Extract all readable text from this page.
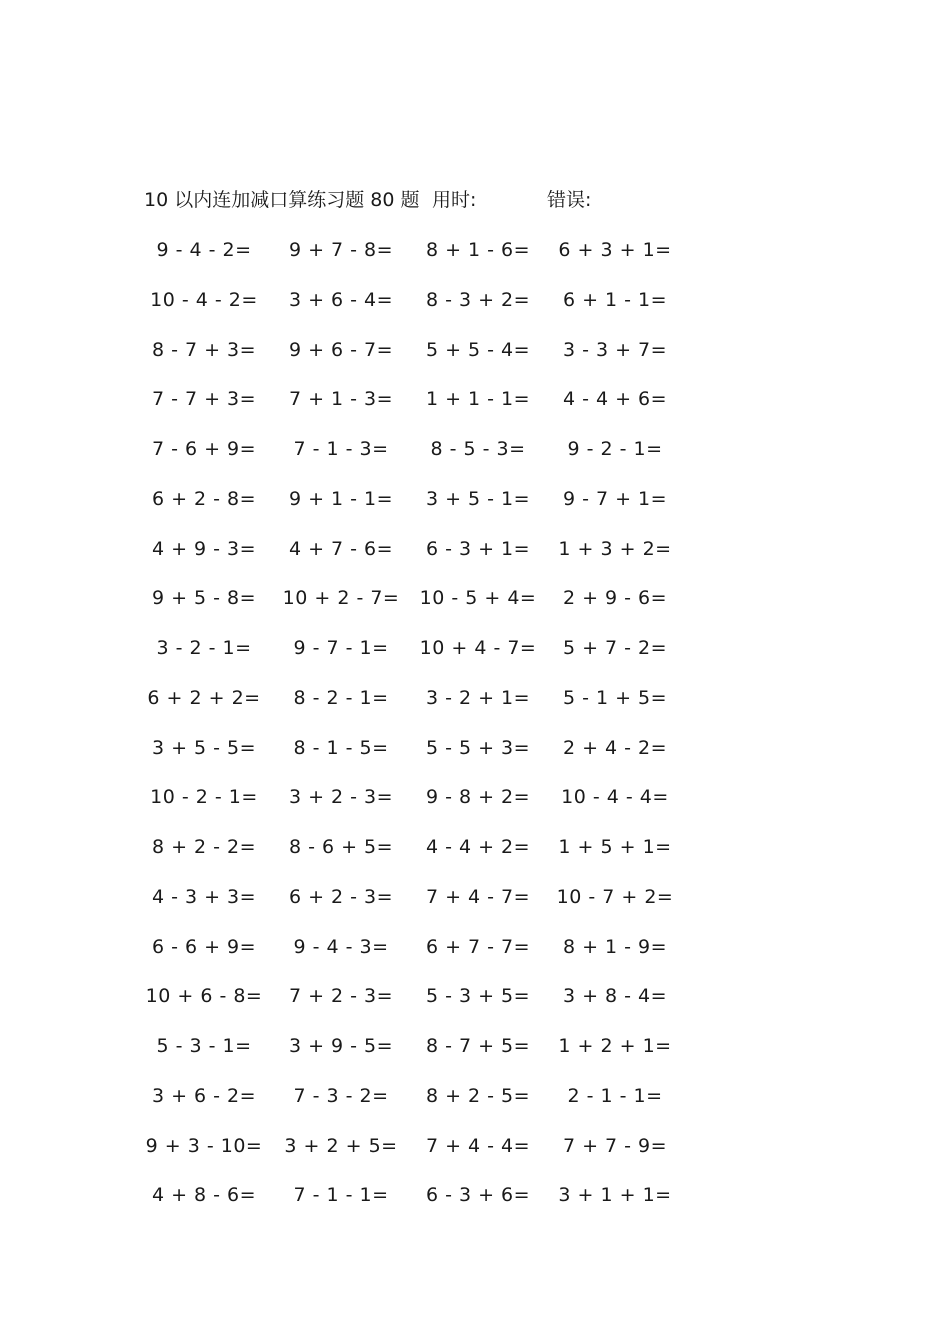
10 以内连加减口算练习题 80 题 用时:	错误:
9 - 4 - 2=	9 + 7 - 8=	8 + 1 - 6=	6 + 3 + 1=
10 - 4 - 2=	3 + 6 - 4=	8 - 3 + 2=	6 + 1 - 1=
8 - 7 + 3=	9 + 6 - 7=	5 + 5 - 4=	3 - 3 + 7=
7 - 7 + 3=	7 + 1 - 3=	1 + 1 - 1=	4 - 4 + 6=
7 - 6 + 9=	7 - 1 - 3=	8 - 5 - 3=	9 - 2 - 1=
6 + 2 - 8=	9 + 1 - 1=	3 + 5 - 1=	9 - 7 + 1=
4 + 9 - 3=	4 + 7 - 6=	6 - 3 + 1=	1 + 3 + 2=
9 + 5 - 8=	10 + 2 - 7=	10 - 5 + 4=	2 + 9 - 6=
3 - 2 - 1=	9 - 7 - 1=	10 + 4 - 7=	5 + 7 - 2=
6 + 2 + 2=	8 - 2 - 1=	3 - 2 + 1=	5 - 1 + 5=
3 + 5 - 5=	8 - 1 - 5=	5 - 5 + 3=	2 + 4 - 2=
10 - 2 - 1=	3 + 2 - 3=	9 - 8 + 2=	10 - 4 - 4=
8 + 2 - 2=	8 - 6 + 5=	4 - 4 + 2=	1 + 5 + 1=
4 - 3 + 3=	6 + 2 - 3=	7 + 4 - 7=	10 - 7 + 2=
6 - 6 + 9=	9 - 4 - 3=	6 + 7 - 7=	8 + 1 - 9=
10 + 6 - 8=	7 + 2 - 3=	5 - 3 + 5=	3 + 8 - 4=
5 - 3 - 1=	3 + 9 - 5=	8 - 7 + 5=	1 + 2 + 1=
3 + 6 - 2=	7 - 3 - 2=	8 + 2 - 5=	2 - 1 - 1=
9 + 3 - 10=	3 + 2 + 5=	7 + 4 - 4=	7 + 7 - 9=
4 + 8 - 6=	7 - 1 - 1=	6 - 3 + 6=	3 + 1 + 1=
